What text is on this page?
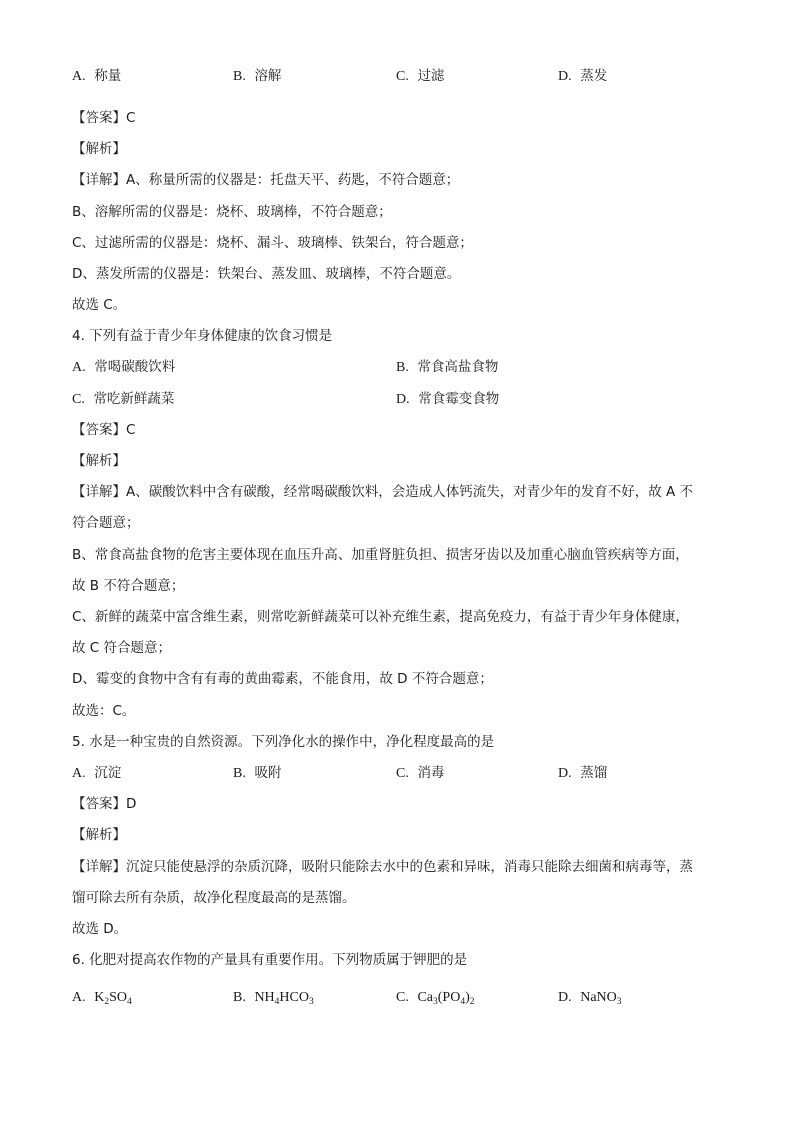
A. 称量	B. 溶解	C. 过滤	D. 蒸发
【答案】C
【解析】
【详解】A、称量所需的仪器是：托盘天平、药匙，不符合题意；
B、溶解所需的仪器是：烧杯、玻璃棒，不符合题意；
C、过滤所需的仪器是：烧杯、漏斗、玻璃棒、铁架台，符合题意；
D、蒸发所需的仪器是：铁架台、蒸发皿、玻璃棒，不符合题意。
故选 C。
4. 下列有益于青少年身体健康的饮食习惯是
A. 常喝碳酸饮料	B. 常食高盐食物
C. 常吃新鲜蔬菜	D. 常食霉变食物
【答案】C
【解析】
【详解】A、碳酸饮料中含有碳酸，经常喝碳酸饮料，会造成人体钙流失，对青少年的发育不好，故 A 不
符合题意；
B、常食高盐食物的危害主要体现在血压升高、加重肾脏负担、损害牙齿以及加重心脑血管疾病等方面，
故 B 不符合题意；
C、新鲜的蔬菜中富含维生素，则常吃新鲜蔬菜可以补充维生素，提高免疫力，有益于青少年身体健康，
故 C 符合题意；
D、霉变的食物中含有有毒的黄曲霉素，不能食用，故 D 不符合题意；
故选：C。
5. 水是一种宝贵的自然资源。下列净化水的操作中，净化程度最高的是
A. 沉淀	B. 吸附	C. 消毒	D. 蒸馏
【答案】D
【解析】
【详解】沉淀只能使悬浮的杂质沉降，吸附只能除去水中的色素和异味，消毒只能除去细菌和病毒等，蒸
馏可除去所有杂质，故净化程度最高的是蒸馏。
故选 D。
6. 化肥对提高农作物的产量具有重要作用。下列物质属于钾肥的是
A. $K_2SO_4$	B. $NH_4HCO_3$	C. $Ca_3(PO_4)_2$	D. NaNO$_3$
